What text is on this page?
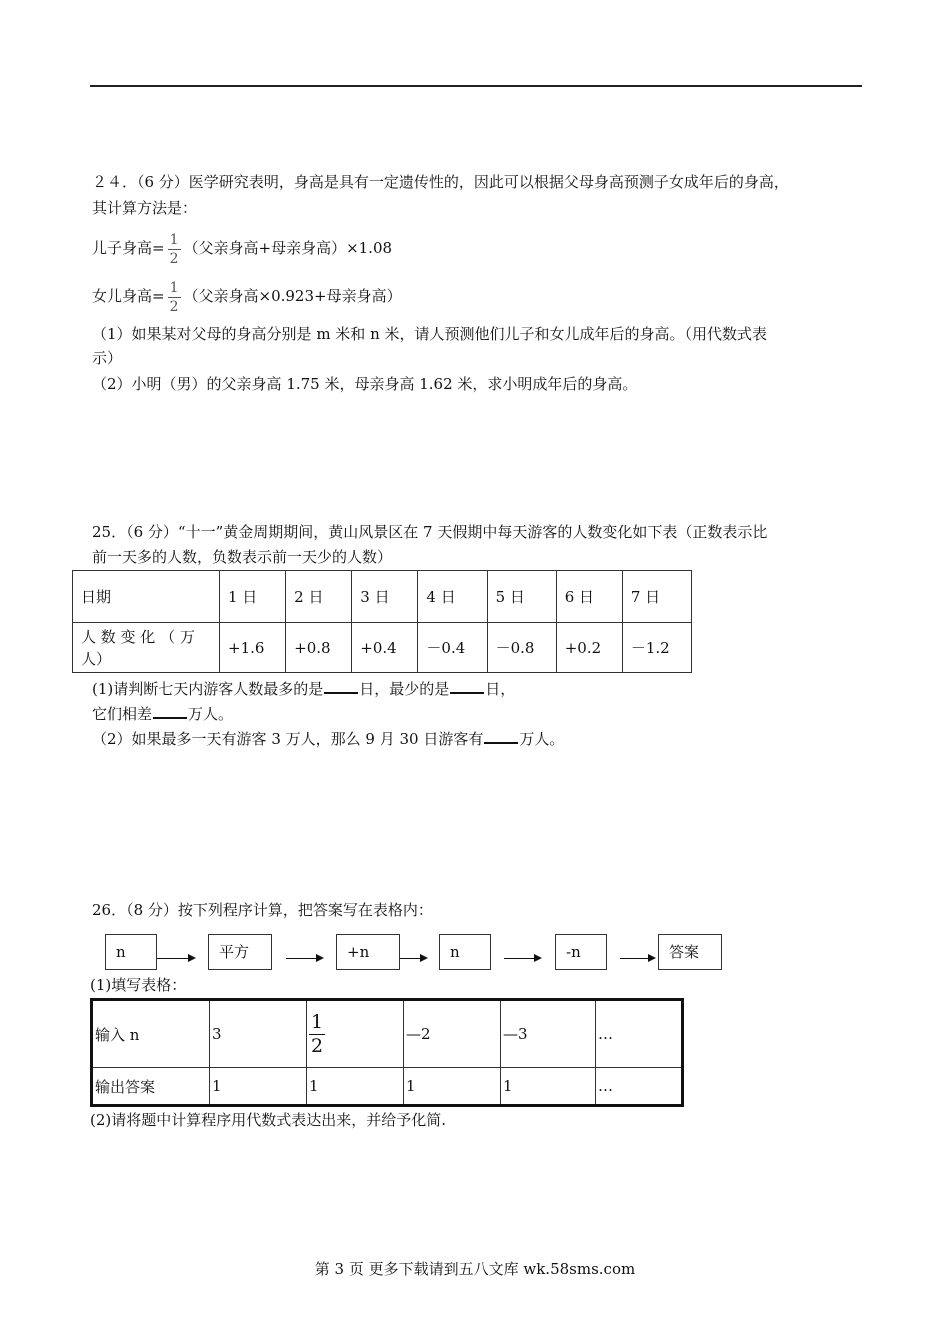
２４．（6 分）医学研究表明，身高是具有一定遗传性的，因此可以根据父母身高预测子女成年后的身高，
其计算方法是：
儿子身高= $\frac{1}{2}$ （父亲身高+母亲身高）×1.08
女儿身高= $\frac{1}{2}$ （父亲身高×0.923+母亲身高）
（1）如果某对父母的身高分别是 m 米和 n 米，请人预测他们儿子和女儿成年后的身高。（用代数式表
示）
（2）小明（男）的父亲身高 1.75 米，母亲身高 1.62 米，求小明成年后的身高。
25．（6 分）“十一”黄金周期期间，黄山风景区在 7 天假期中每天游客的人数变化如下表（正数表示比
前一天多的人数，负数表示前一天少的人数）
日期	1 日	2 日	3 日	4 日	5 日	6 日	7 日

人 数 变 化 （ 万
人）	+1.6	+0.8	+0.4	－0.4	－0.8	+0.2	－1.2
(1)请判断七天内游客人数最多的是 日，最少的是 日，
它们相差 万人。
（2）如果最多一天有游客 3 万人，那么 9 月 30 日游客有 万人。
26．（8 分）按下列程序计算，把答案写在表格内：
n	平方	+n	n	-n	答案
(1)填写表格：
输入 n	3	$\frac{1}{2}$	—2	—3	…
输出答案	1	1	1	1	…
(2)请将题中计算程序用代数式表达出来，并给予化简.
第 3 页 更多下载请到五八文库 wk.58sms.com
